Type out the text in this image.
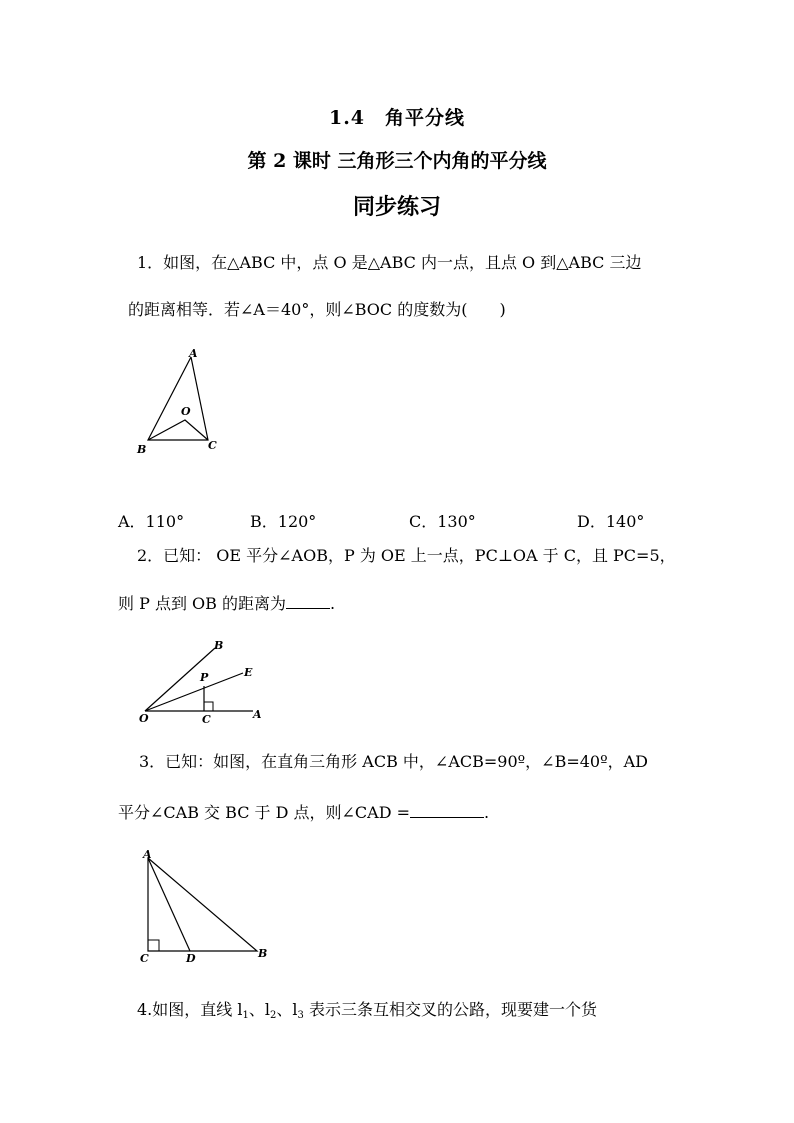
1.4　角平分线
第 2 课时 三角形三个内角的平分线
同步练习
1．如图，在△ABC 中，点 O 是△ABC 内一点，且点 O 到△ABC 三边
的距离相等．若∠A＝40°，则∠BOC 的度数为(　　)
A
O
B	C
A．110°	B．120°	C．130°	D．140°
2．已知： OE 平分∠AOB，P 为 OE 上一点，PC⊥OA 于 C，且 PC=5，
则 P 点到 OB 的距离为	.
B
P	E
O	C	A
3．已知：如图，在直角三角形 ACB 中，∠ACB=90º，∠B=40º，AD
平分∠CAB 交 BC 于 D 点，则∠CAD =	.
A
C	D	B
4.如图，直线 $l_1$、$l_2$、$l_3$ 表示三条互相交叉的公路，现要建一个货
